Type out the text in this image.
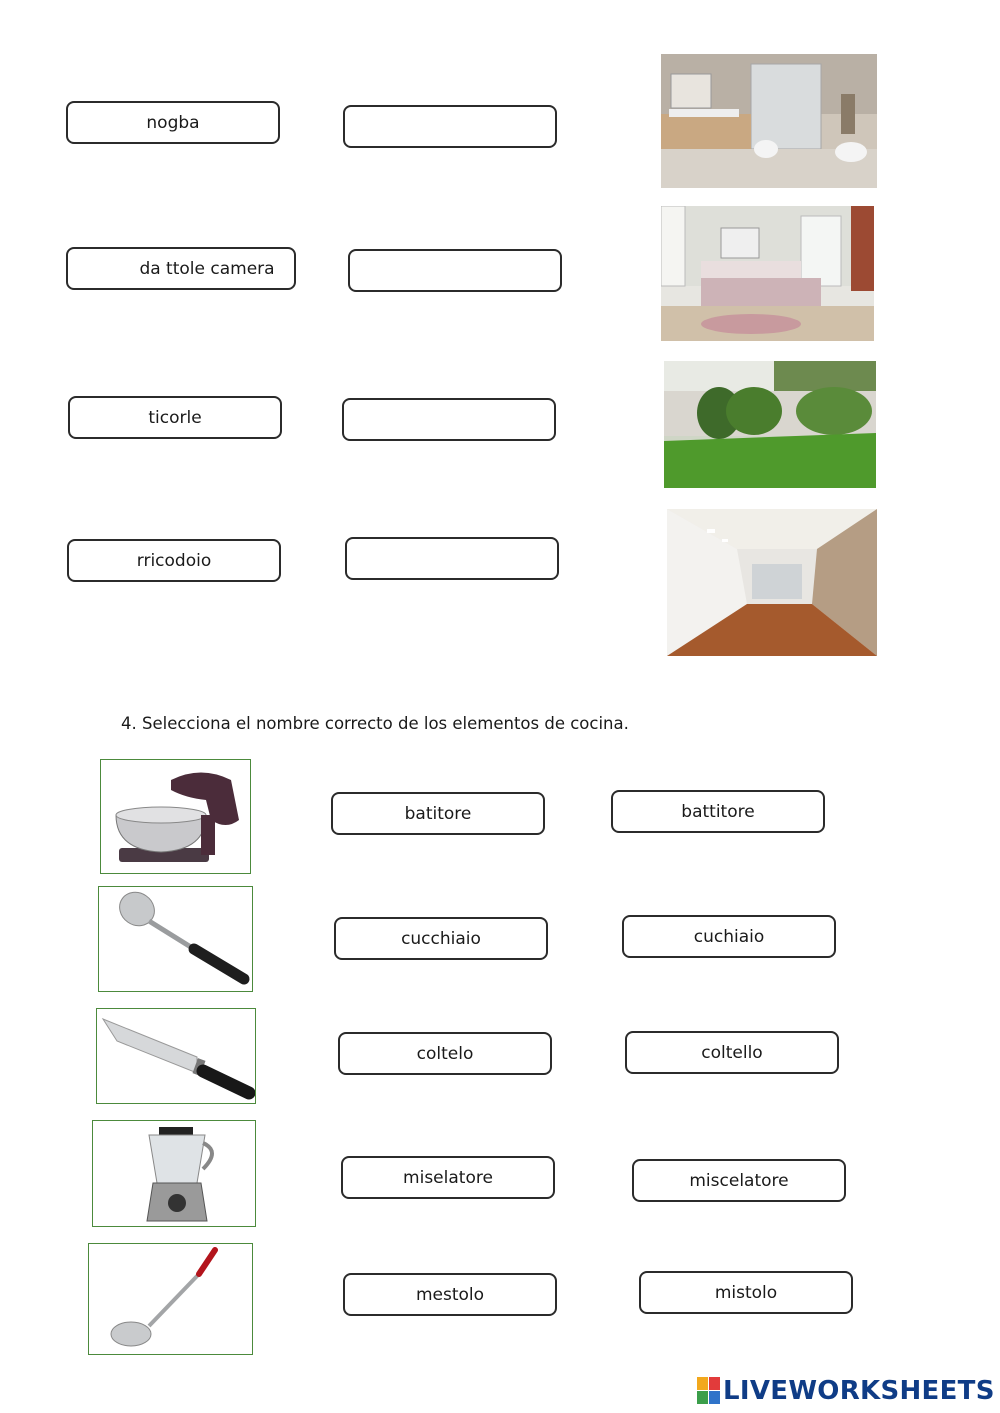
nogba
da ttole camera
ticorle
rricodoio
4. Selecciona el nombre correcto de los elementos de cocina.
batitore	battitore
cucchiaio	cuchiaio
coltelo	coltello
miselatore	miscelatore
mestolo	mistolo
LIVEWORKSHEETS
